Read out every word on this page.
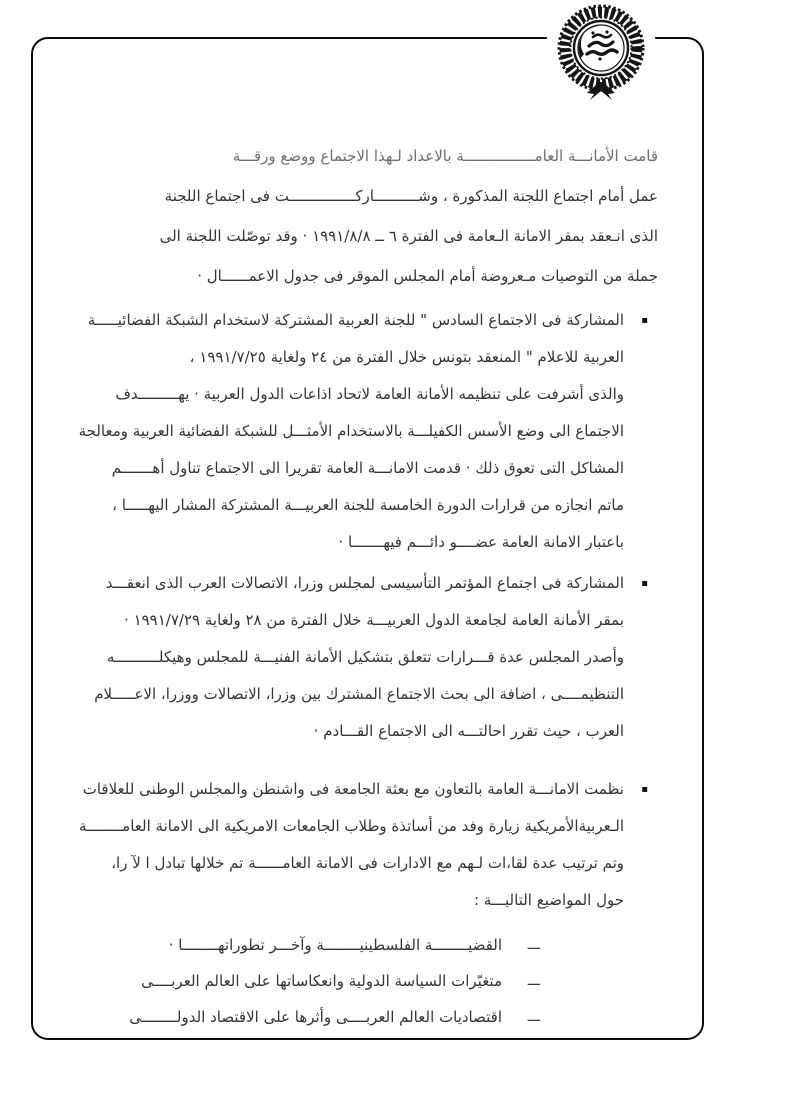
قامت الأمانـــة العامــــــــــــــــة بالاعداد لـهذا الاجتماع ووضع ورقـــة
عمل أمام اجتماع اللجنة المذكورة ، وشــــــــــاركـــــــــــــــت فى اجتماع اللجنة
الذى انـعقد بمقر الامانة الـعامة فى الفترة ٦ ــ ١٩٩١/٨/٨ · وقد توصّلت اللجنة الى
جملة من التوصيات مـعروضة أمام المجلس الموقر فى جدول الاعمــــــال ·
▪
المشاركة فى الاجتماع السادس " للجنة العربية المشتركة لاستخدام الشبكة الفضائيـــــة
العربية للاعلام " المنعقد بتونس خلال الفترة من ٢٤ ولغاية ١٩٩١/٧/٢٥ ،
والذى أشرفت على تنظيمه الأمانة العامة لاتحاد اذاعات الدول العربية · يهـــــــــدف
الاجتماع الى وضع الأسس الكفيلـــة بالاستخدام الأمثـــل للشبكة الفضائية العربية ومعالجة
المشاكل التى تعوق ذلك · قدمت الامانـــة العامة تقريرا الى الاجتماع تناول أهـــــــم
ماتم انجازه من قرارات الدورة الخامسة للجنة العربيـــة المشتركة المشار اليهـــــا ،
باعتبار الامانة العامة عضــــو دائـــم فيهـــــــا ·
▪
المشاركة فى اجتماع المؤتمر التأسيسى لمجلس وزرا، الاتصالات العرب الذى انعقـــد
بمقر الأمانة العامة لجامعة الدول العربيـــة خلال الفترة من ٢٨ ولغاية ١٩٩١/٧/٢٩ ·
وأصدر المجلس عدة قـــرارات تتعلق بتشكيل الأمانة الفنيـــة للمجلس وهيكلــــــــــه
التنظيمــــى ، اضافة الى بحث الاجتماع المشترك بين وزرا، الاتصالات ووزرا، الاعـــــلام
العرب ، حيث تقرر احالتـــه الى الاجتماع القـــادم ·
▪
نظمت الامانـــة العامة بالتعاون مع بعثة الجامعة فى واشنطن والمجلس الوطنى للعلاقات
الـعربيةالأمريكية زيارة وفد من أساتذة وطلاب الجامعات الامريكية الى الامانة العامــــــــة
وتم ترتيب عدة لقا،ات لـهم مع الادارات فى الامانة العامــــــة تم خلالها تبادل ا لآ را،
حول المواضيع التاليـــة :
ـــ
القضيــــــــة الفلسطينيــــــــة وآخـــر تطوراتهــــــــا ·
ـــ
متغيّرات السياسة الدولية وانعكاساتها على العالم العربــــى
ـــ
اقتصاديات العالم العربــــى وأثرها على الاقتصاد الدولــــــــى
